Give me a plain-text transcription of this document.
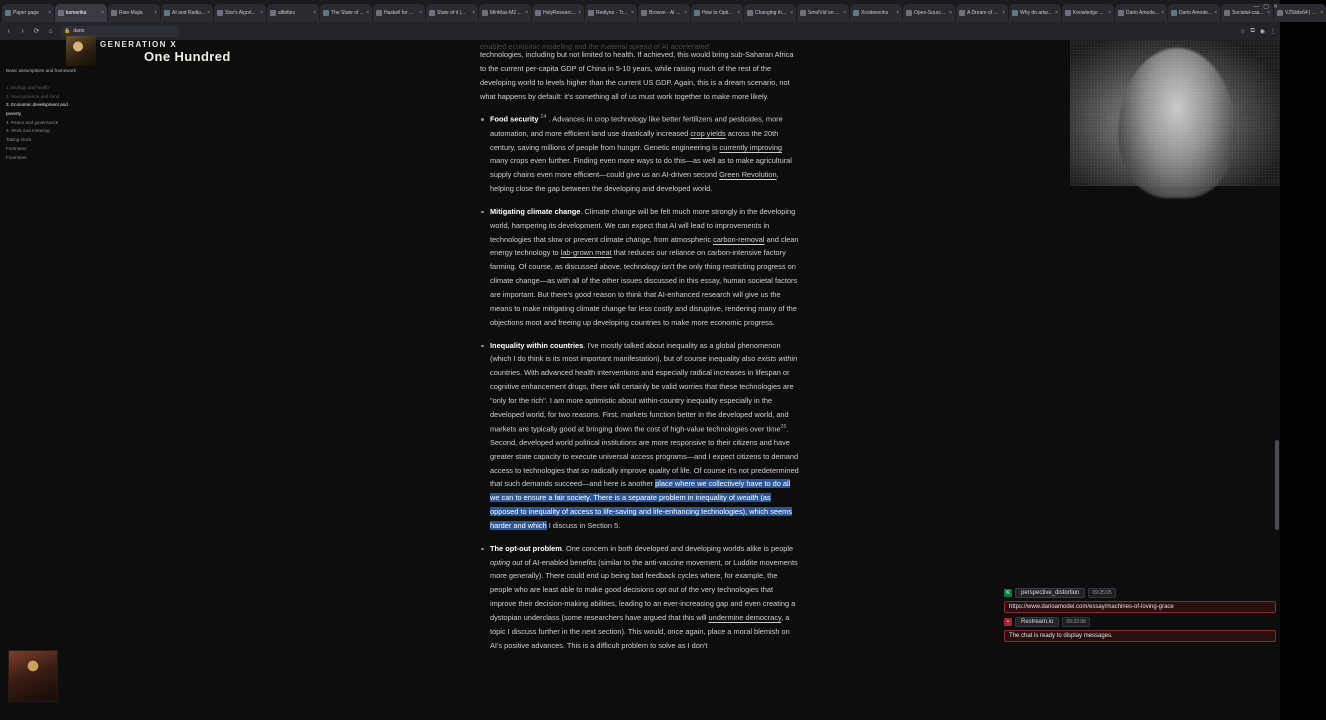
Paper page	×	komerika	×	Rise-Majia	×	AI and Radio... ×	Stor's Algori... ×	altbitles	×	The State of ... ×	Haskell for ...	×	State of it |...	×	MinMax-M2 ... ×	HolyResearc... ×	Redlyne - Tr... ×	Browse - AI ... ×	How to Opti... ×	Changing th... ×	SmolVid on ... ×	Xcodeworks	×	Open-Sourc... ×	A Dream of ... ×	Why do artw... ×	Knowledge ... ×	Dario Amode... ×	Dario Amode... ×	Societal-cas... ×	V2Slide64 | ... ×
— ▢ ✕
‹	›	⟳	⌂	🔒 dario	☆ ⧉ ◉ ⋮
GENERATION X
One Hundred
Basic assumptions and framework
1. Biology and health
2. Neuroscience and mind
3. Economic development and poverty
4. Peace and governance
5. Work and meaning
Taking stock
Footnotes
Footnotes
enabled economic modeling and the material spread of AI accelerated

technologies, including but not limited to health. If achieved, this would bring sub-Saharan Africa to the current per-capita GDP of China in 5-10 years, while raising much of the rest of the developing world to levels higher than the current US GDP. Again, this is a dream scenario, not what happens by default: it's something all of us must work together to make more likely.

Food security $^{24}$ . Advances in crop technology like better fertilizers and pesticides, more automation, and more efficient land use drastically increased crop yields across the 20th century, saving millions of people from hunger. Genetic engineering is currently improving many crops even further. Finding even more ways to do this—as well as to make agricultural supply chains even more efficient—could give us an AI-driven second Green Revolution, helping close the gap between the developing and developed world.
Mitigating climate change. Climate change will be felt much more strongly in the developing world, hampering its development. We can expect that AI will lead to improvements in technologies that slow or prevent climate change, from atmospheric carbon-removal and clean energy technology to lab-grown meat that reduces our reliance on carbon-intensive factory farming. Of course, as discussed above, technology isn't the only thing restricting progress on climate change—as with all of the other issues discussed in this essay, human societal factors are important. But there's good reason to think that AI-enhanced research will give us the means to make mitigating climate change far less costly and disruptive, rendering many of the objections moot and freeing up developing countries to make more economic progress.
Inequality within countries. I've mostly talked about inequality as a global phenomenon (which I do think is its most important manifestation), but of course inequality also exists within countries. With advanced health interventions and especially radical increases in lifespan or cognitive enhancement drugs, there will certainly be valid worries that these technologies are "only for the rich". I am more optimistic about within-country inequality especially in the developed world, for two reasons. First, markets function better in the developed world, and markets are typically good at bringing down the cost of high-value technologies over time$^{25}$. Second, developed world political institutions are more responsive to their citizens and have greater state capacity to execute universal access programs—and I expect citizens to demand access to technologies that so radically improve quality of life. Of course it's not predetermined that such demands succeed—and here is another place where we collectively have to do all we can to ensure a fair society. There is a separate problem in inequality of wealth (as opposed to inequality of access to life-saving and life-enhancing technologies), which seems harder and which I discuss in Section 5.
The opt-out problem. One concern in both developed and developing worlds alike is people opting out of AI-enabled benefits (similar to the anti-vaccine movement, or Luddite movements more generally). There could end up being bad feedback cycles where, for example, the people who are least able to make good decisions opt out of the very technologies that improve their decision-making abilities, leading to an ever-increasing gap and even creating a dystopian underclass (some researchers have argued that this will undermine democracy, a topic I discuss further in the next section). This would, once again, place a moral blemish on AI's positive advances. This is a difficult problem to solve as I don't
K	perspective_distortion	09:25:05
https://www.darioamodei.com/essay/machines-of-loving-grace
•	Restream.io	09:32:08
The chat is ready to display messages.
